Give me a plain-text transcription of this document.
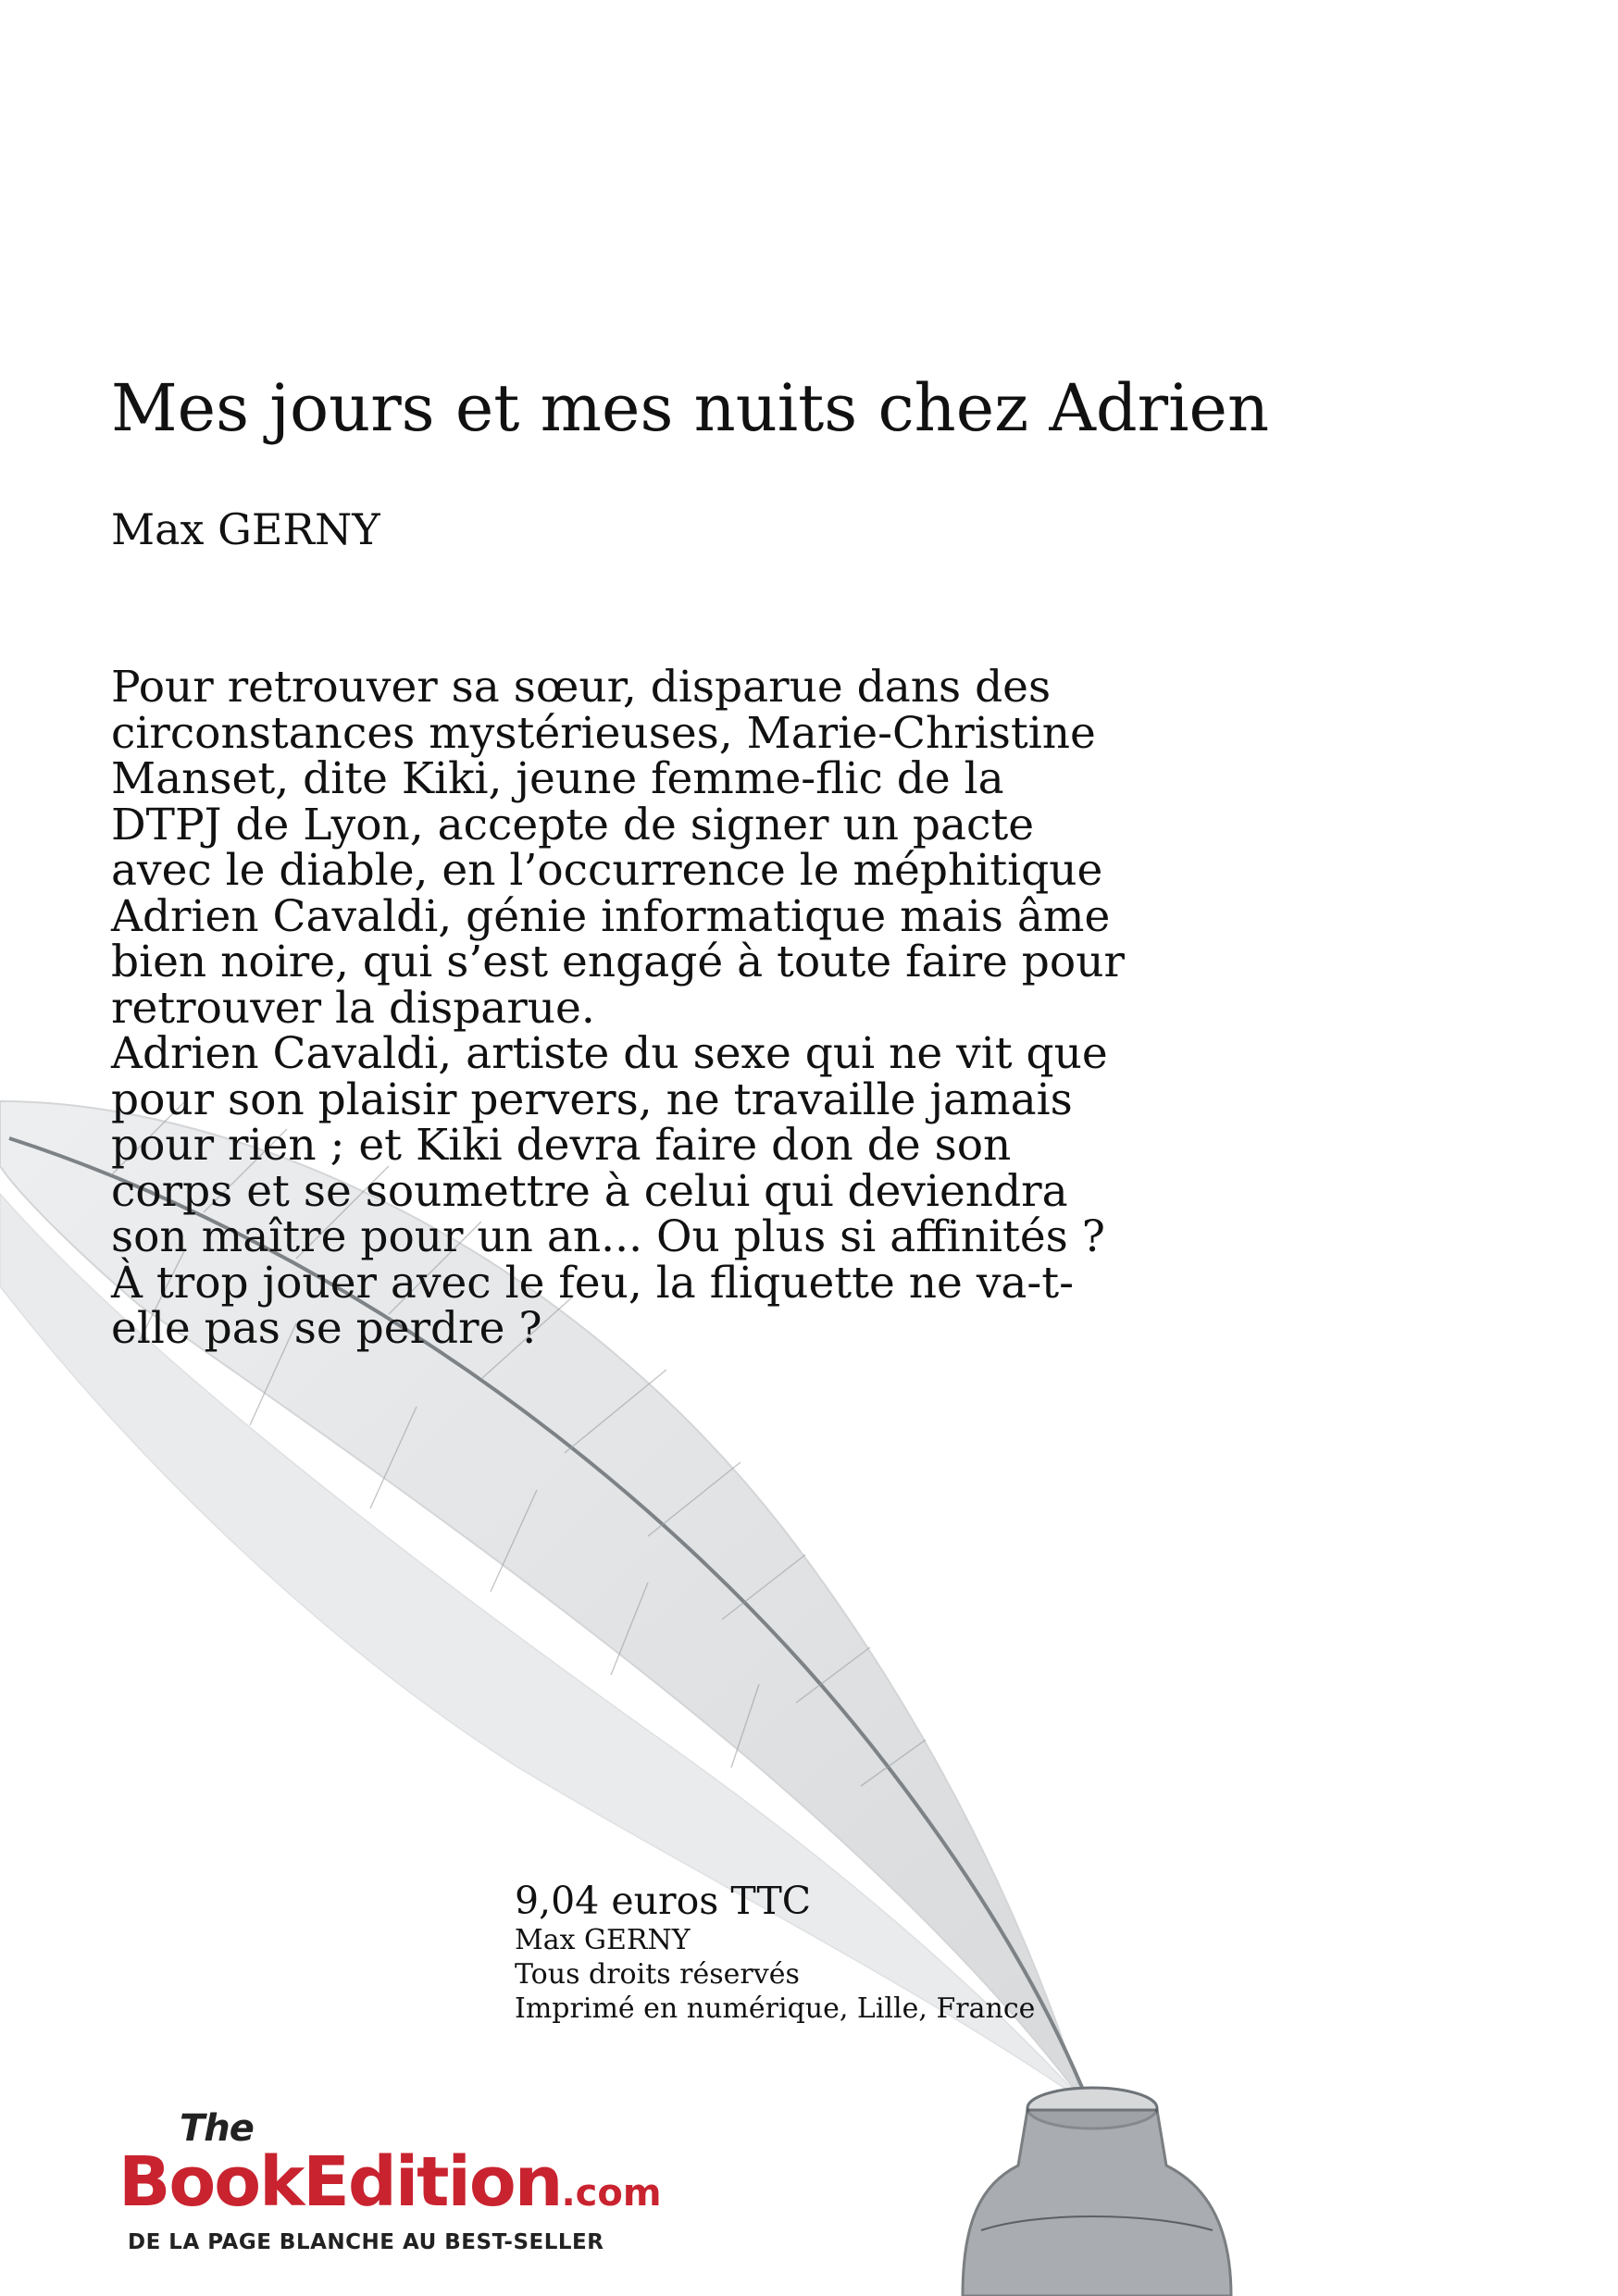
Mes jours et mes nuits chez Adrien
Max GERNY

Pour retrouver sa sœur, disparue dans des

circonstances mystérieuses, Marie-Christine

Manset, dite Kiki, jeune femme-flic de la

DTPJ de Lyon, accepte de signer un pacte

avec le diable, en l’occurrence le méphitique

Adrien Cavaldi, génie informatique mais âme

bien noire, qui s’est engagé à toute faire pour

retrouver la disparue.

Adrien Cavaldi, artiste du sexe qui ne vit que

pour son plaisir pervers, ne travaille jamais

pour rien ; et Kiki devra faire don de son

corps et se soumettre à celui qui deviendra

son maître pour un an... Ou plus si affinités ?

À trop jouer avec le feu, la fliquette ne va-t-

elle pas se perdre ?

9,04 euros TTC
Max GERNY
Tous droits réservés
Imprimé en numérique, Lille, France
The
BookEdition.com
DE LA PAGE BLANCHE AU BEST-SELLER
